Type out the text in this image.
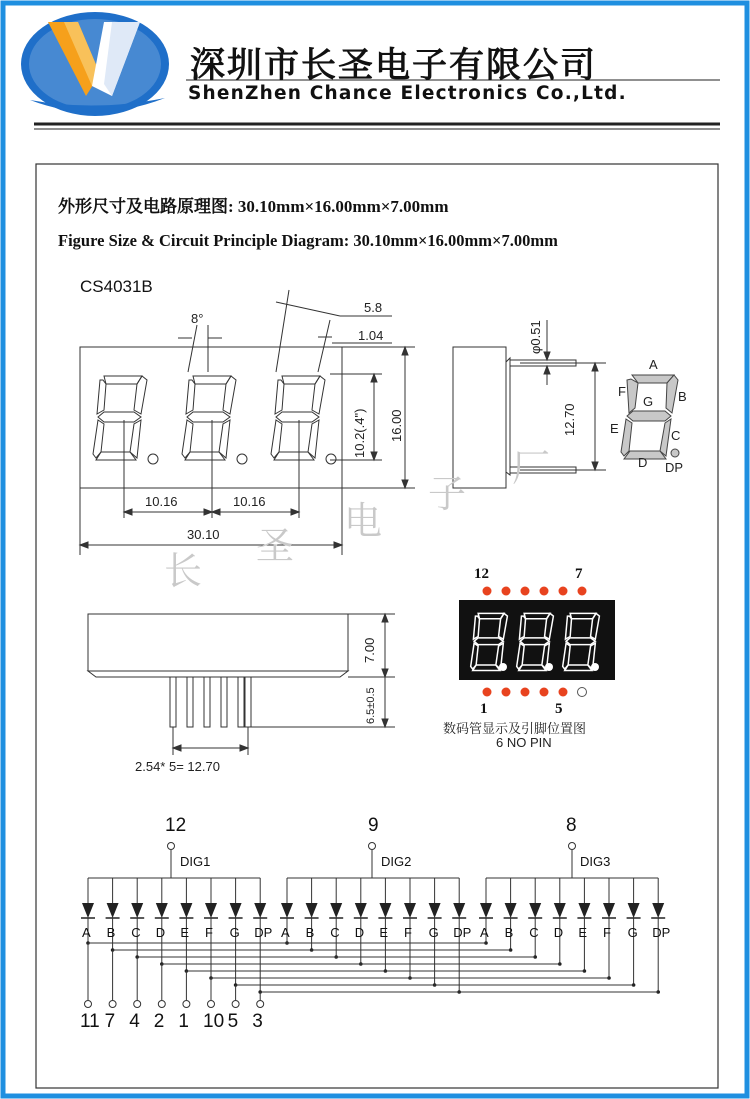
深圳市长圣电子有限公司
ShenZhen Chance Electronics Co.,Ltd.
外形尺寸及电路原理图: 30.10mm×16.00mm×7.00mm
Figure Size & Circuit Principle Diagram: 30.10mm×16.00mm×7.00mm
CS4031B
8°
5.8
1.04
10.16	10.16
30.10
10.2(.4") 16.00
φ0.51
12.70
A
B
C
D
E
F
G
DP
7.00
6.5±0.5
2.54* 5= 12.70
12	7
1	5
数码管显示及引脚位置图
6 NO PIN
长
圣
电
子
厂
12	9	8
DIG1	DIG2	DIG3
A B C D E F G DP A B C D E F G DP A B C D E F G DP
11 7 4 2 1 10 5 3
